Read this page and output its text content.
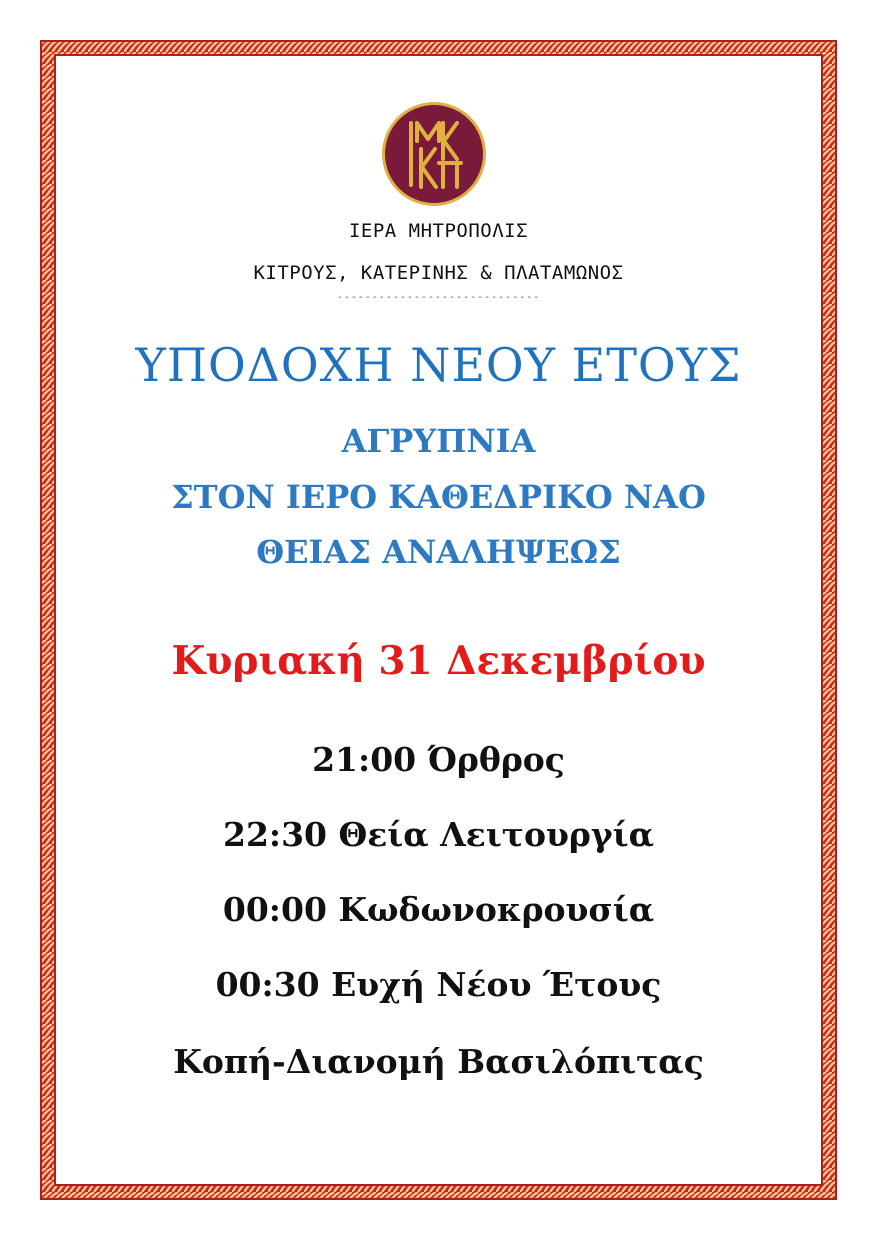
ΙΕΡΑ ΜΗΤΡΟΠΟΛΙΣ
ΚΙΤΡΟΥΣ, ΚΑΤΕΡΙΝΗΣ & ΠΛΑΤΑΜΩΝΟΣ
-----------------------------
ΥΠΟΔΟΧΗ ΝΕΟΥ ΕΤΟΥΣ
ΑΓΡΥΠΝΙΑ
ΣΤΟΝ ΙΕΡΟ ΚΑΘΕΔΡΙΚΟ ΝΑΟ
ΘΕΙΑΣ ΑΝΑΛΗΨΕΩΣ
Κυριακή 31 Δεκεμβρίου
21:00 Όρθρος
22:30 Θεία Λειτουργία
00:00 Κωδωνοκρουσία
00:30 Ευχή Νέου Έτους
Κοπή-Διανομή Βασιλόπιτας
